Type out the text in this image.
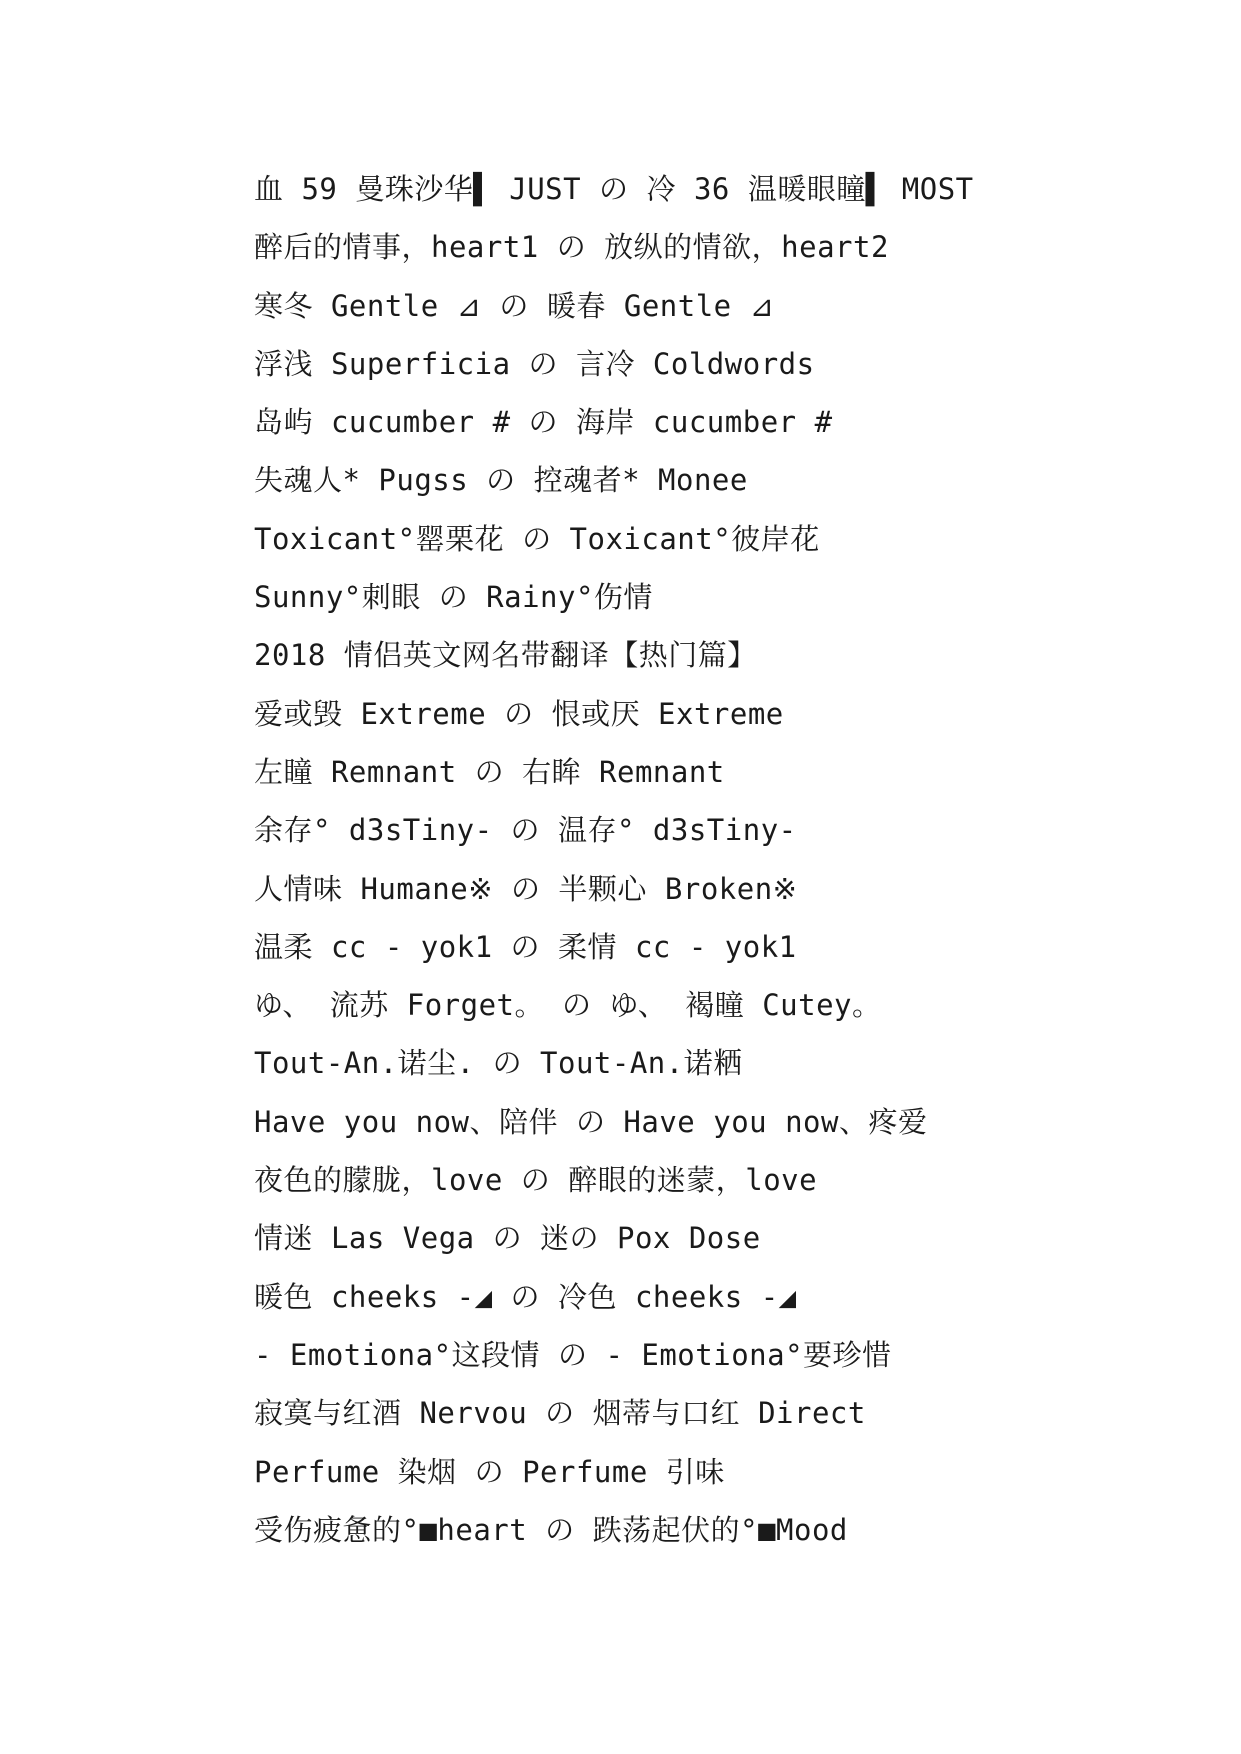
血 59 曼珠沙华▌ JUST の 冷 36 温暖眼瞳▌ MOST
醉后的情事，heart1 の 放纵的情欲，heart2
寒冬 Gentle ⊿ の 暖春 Gentle ⊿
浮浅 Superficia の 言冷 Coldwords
岛屿 cucumber # の 海岸 cucumber #
失魂人* Pugss の 控魂者* Monee
Toxicant°罂栗花 の Toxicant°彼岸花
Sunny°刺眼 の Rainy°伤情
2018 情侣英文网名带翻译【热门篇】
爱或毁 Extreme の 恨或厌 Extreme
左瞳 Remnant の 右眸 Remnant
余存° d3sTiny- の 温存° d3sTiny-
人情味 Humane※ の 半颗心 Broken※
温柔 cc - yok1 の 柔情 cc - yok1
ゆ、 流苏 Forget。 の ゆ、 褐瞳 Cutey。
Tout-An.诺尘. の Tout-An.诺粞
Have you now、陪伴 の Have you now、疼爱
夜色的朦胧，love の 醉眼的迷蒙，love
情迷 Las Vega の 迷の Pox Dose
暖色 cheeks -◢ の 冷色 cheeks -◢
- Emotiona°这段情 の - Emotiona°要珍惜
寂寞与红酒 Nervou の 烟蒂与口红 Direct
Perfume 染烟 の Perfume 引味
受伤疲惫的°■heart の 跌荡起伏的°■Mood
